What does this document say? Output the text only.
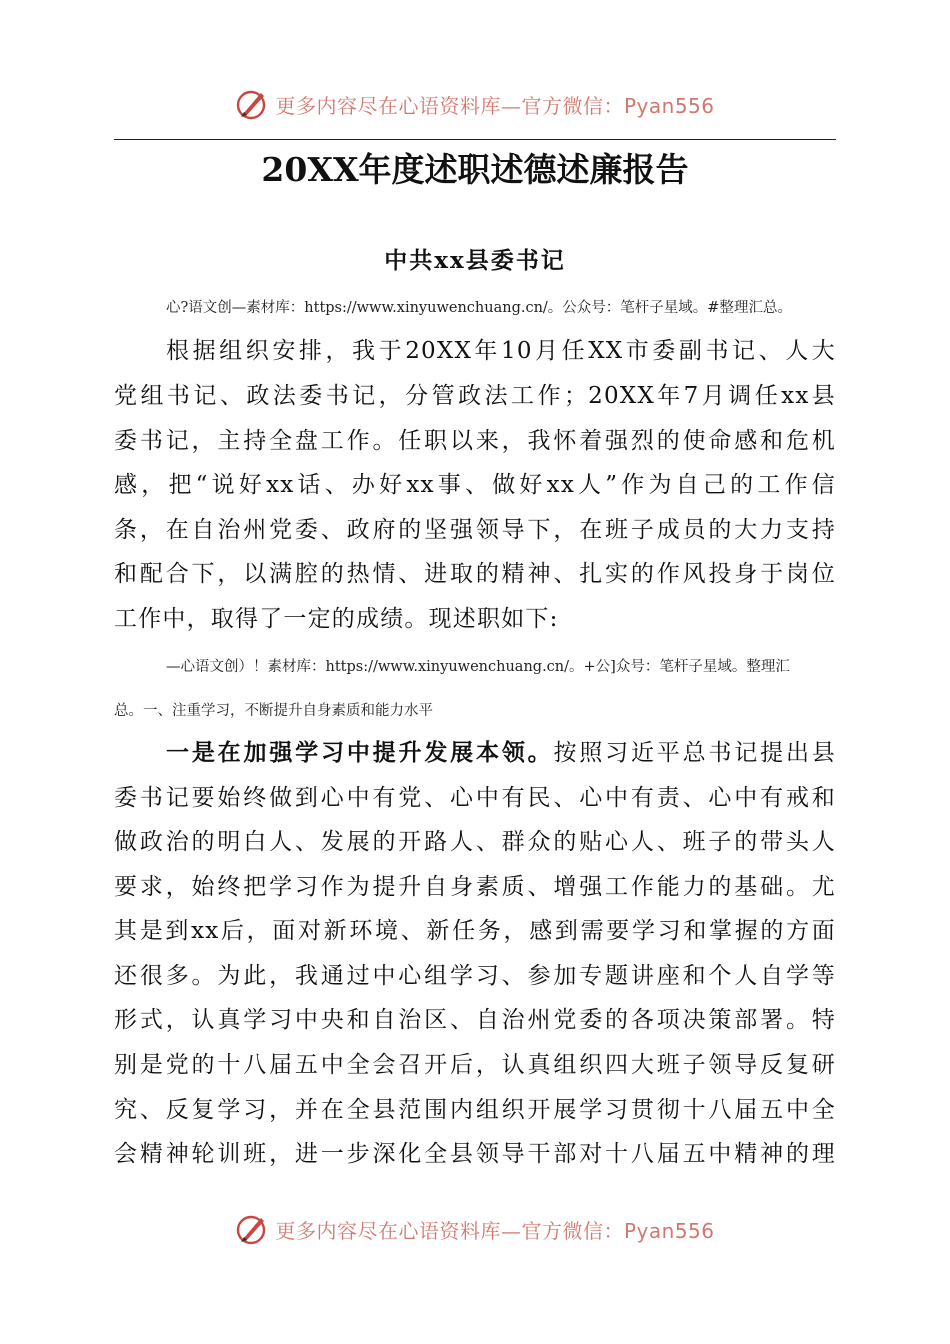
更多内容尽在心语资料库—官方微信：Pyan556
20XX年度述职述德述廉报告
中共xx县委书记
心?语文创—素材库：https://www.xinyuwenchuang.cn/。公众号：笔杆子星域。#整理汇总。
根据组织安排，我于20XX年10月任XX市委副书记、人大
党组书记、政法委书记，分管政法工作；20XX年7月调任xx县
委书记，主持全盘工作。任职以来，我怀着强烈的使命感和危机
感，把“说好xx话、办好xx事、做好xx人”作为自己的工作信
条，在自治州党委、政府的坚强领导下，在班子成员的大力支持
和配合下，以满腔的热情、进取的精神、扎实的作风投身于岗位
工作中，取得了一定的成绩。现述职如下:
—心语文创）！素材库：https://www.xinyuwenchuang.cn/。+公]众号：笔杆子星域。整理汇
总。一、注重学习，不断提升自身素质和能力水平
一是在加强学习中提升发展本领。按照习近平总书记提出县
委书记要始终做到心中有党、心中有民、心中有责、心中有戒和
做政治的明白人、发展的开路人、群众的贴心人、班子的带头人
要求，始终把学习作为提升自身素质、增强工作能力的基础。尤
其是到xx后，面对新环境、新任务，感到需要学习和掌握的方面
还很多。为此，我通过中心组学习、参加专题讲座和个人自学等
形式，认真学习中央和自治区、自治州党委的各项决策部署。特
别是党的十八届五中全会召开后，认真组织四大班子领导反复研
究、反复学习，并在全县范围内组织开展学习贯彻十八届五中全
会精神轮训班，进一步深化全县领导干部对十八届五中精神的理
更多内容尽在心语资料库—官方微信：Pyan556
